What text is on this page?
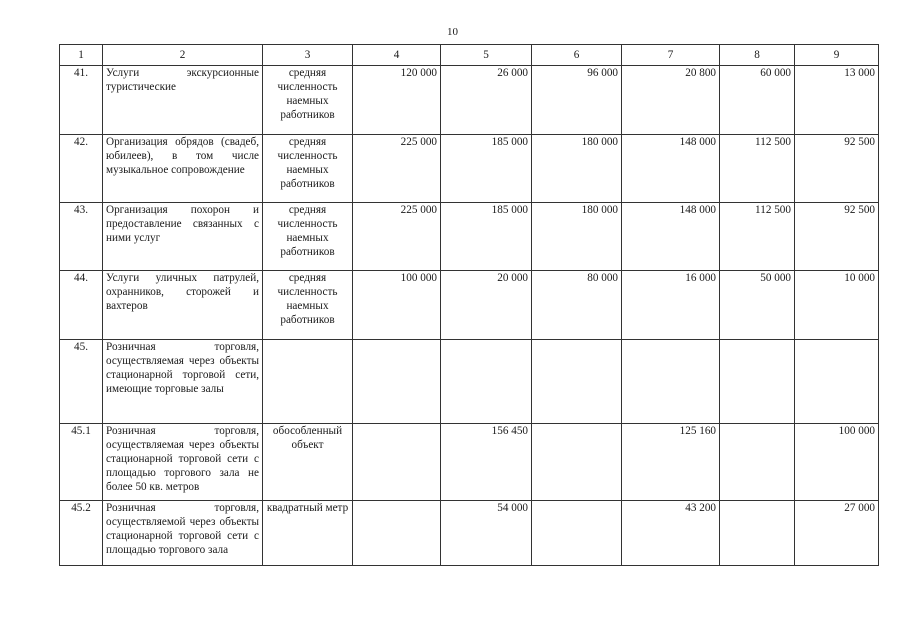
10
1	2	3	4	5	6	7	8	9
41.	Услуги экскурсионные туристические	средняя численность наемных работников	120 000	26 000	96 000	20 800	60 000	13 000
42.	Организация обрядов (свадеб, юбилеев), в том числе музыкальное сопровождение	средняя численность наемных работников	225 000	185 000	180 000	148 000	112 500	92 500
43.	Организация похорон и предоставление связанных с ними услуг	средняя численность наемных работников	225 000	185 000	180 000	148 000	112 500	92 500
44.	Услуги уличных патрулей, охранников, сторожей и вахтеров	средняя численность наемных работников	100 000	20 000	80 000	16 000	50 000	10 000
45.	Розничная торговля, осуществляемая через объекты стационарной торговой сети, имеющие торговые залы							
45.1	Розничная торговля, осуществляемая через объекты стационарной торговой сети с площадью торгового зала не более 50 кв. метров	обособленный объект		156 450		125 160		100 000
45.2	Розничная торговля, осуществляемой через объекты стационарной торговой сети с площадью торгового зала	квадратный метр		54 000		43 200		27 000
